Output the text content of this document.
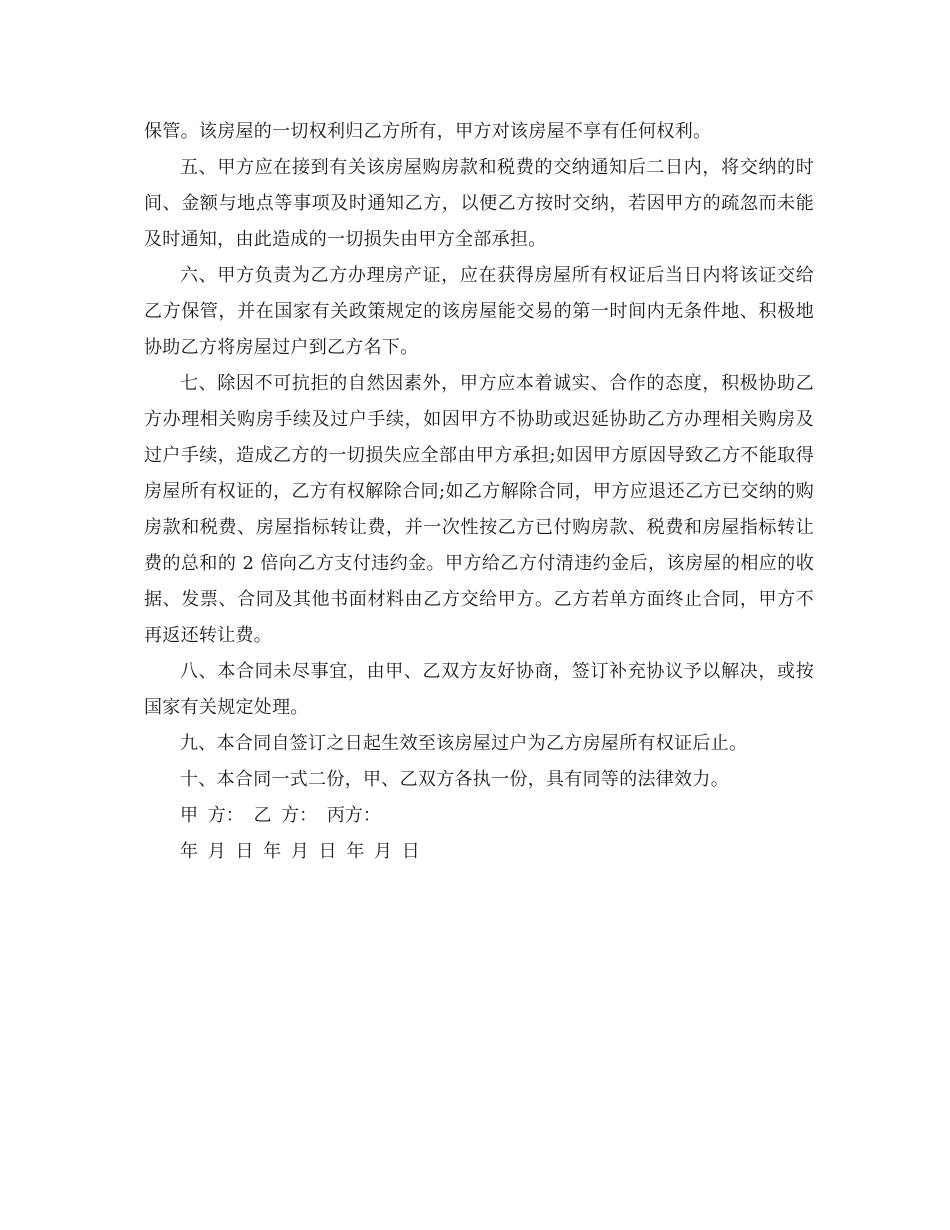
保管。该房屋的一切权利归乙方所有，甲方对该房屋不享有任何权利。

五、甲方应在接到有关该房屋购房款和税费的交纳通知后二日内，将交纳的时间、金额与地点等事项及时通知乙方，以便乙方按时交纳，若因甲方的疏忽而未能及时通知，由此造成的一切损失由甲方全部承担。

六、甲方负责为乙方办理房产证，应在获得房屋所有权证后当日内将该证交给乙方保管，并在国家有关政策规定的该房屋能交易的第一时间内无条件地、积极地协助乙方将房屋过户到乙方名下。

七、除因不可抗拒的自然因素外，甲方应本着诚实、合作的态度，积极协助乙方办理相关购房手续及过户手续，如因甲方不协助或迟延协助乙方办理相关购房及过户手续，造成乙方的一切损失应全部由甲方承担;如因甲方原因导致乙方不能取得房屋所有权证的，乙方有权解除合同;如乙方解除合同，甲方应退还乙方已交纳的购房款和税费、房屋指标转让费，并一次性按乙方已付购房款、税费和房屋指标转让费的总和的 2 倍向乙方支付违约金。甲方给乙方付清违约金后，该房屋的相应的收据、发票、合同及其他书面材料由乙方交给甲方。乙方若单方面终止合同，甲方不再返还转让费。

八、本合同未尽事宜，由甲、乙双方友好协商，签订补充协议予以解决，或按国家有关规定处理。

九、本合同自签订之日起生效至该房屋过户为乙方房屋所有权证后止。

十、本合同一式二份，甲、乙双方各执一份，具有同等的法律效力。

甲 方： 乙 方： 丙方：

年 月 日 年 月 日 年 月 日
